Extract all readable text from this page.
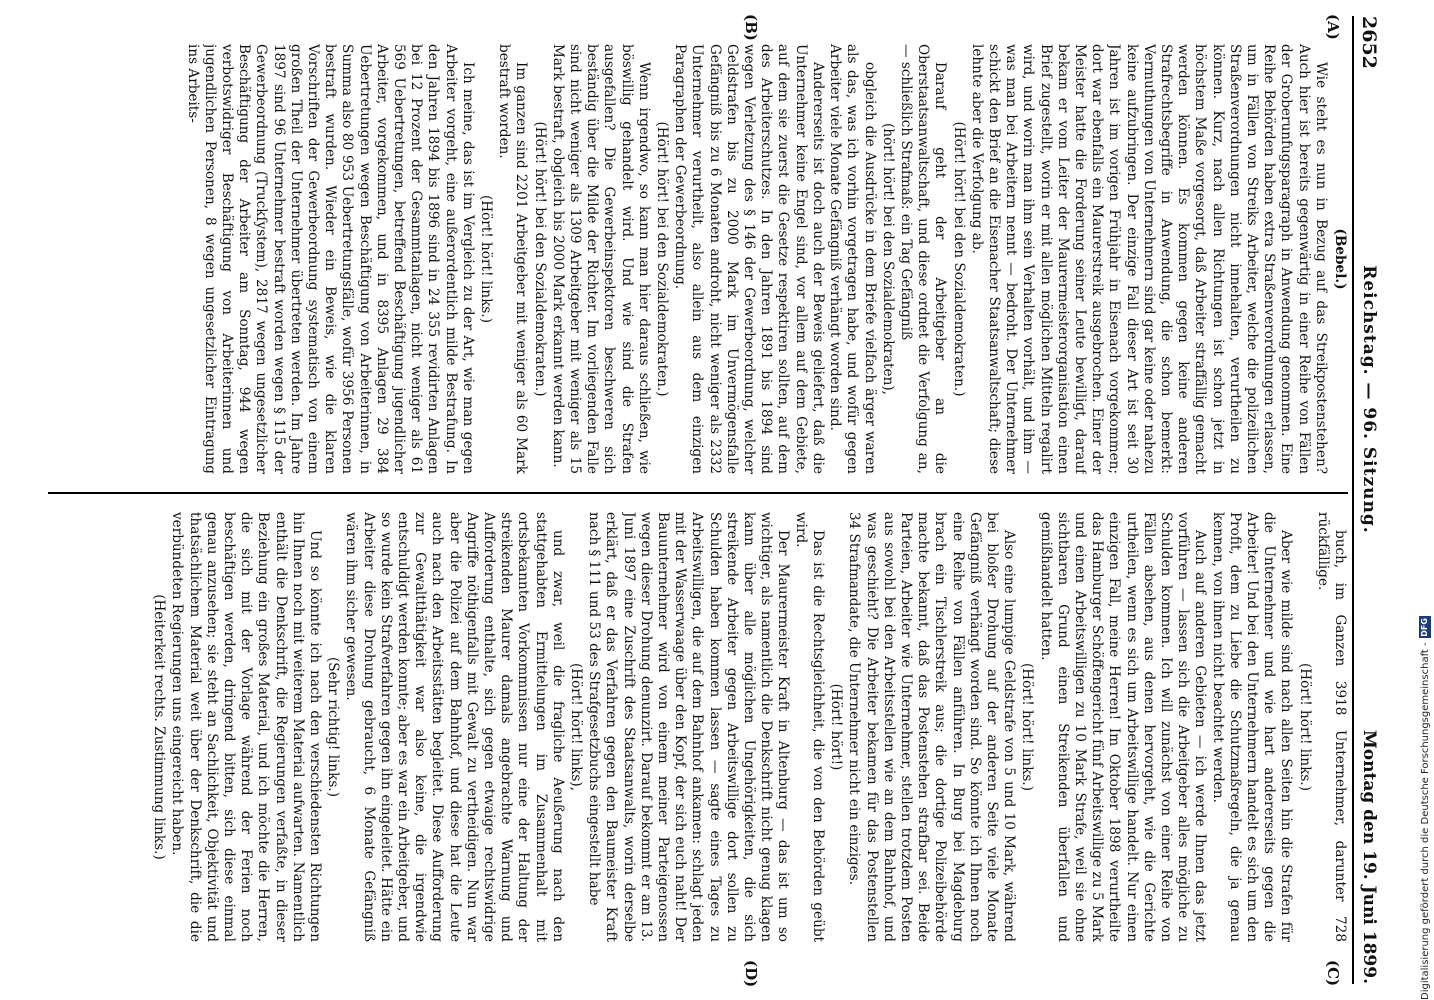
2652
Reichstag. — 96. Sitzung.
Montag den 19. Juni 1899.
(A)
(B)
(C)
(D)
(Bebel.)

Wie steht es nun in Bezug auf das Streikpostenstehen? Auch hier ist bereits gegenwärtig in einer Reihe von Fällen der Groberunfugsparagraph in Anwendung genommen. Eine Reihe Behörden haben extra Straßenverordnungen erlassen, um in Fällen von Streiks Arbeiter, welche die polizeilichen Straßenverordnungen nicht innehalten, verurtheilen zu können. Kurz, nach allen Richtungen ist schon jetzt in höchstem Maße vorgesorgt, daß Arbeiter straffällig gemacht werden können. Es kommen gegen keine anderen Strafrechtsbegriffe in Anwendung, die schon bemerkt: Vermuthungen von Unternehmern sind gar keine oder nahezu keine aufzubringen. Der einzige Fall dieser Art ist seit 30 Jahren ist im vorigen Frühjahr in Eisenach vorgekommen; dort war ebenfalls ein Maurerstreik ausgebrochen. Einer der Meister hatte die Forderung seiner Leute bewilligt, darauf bekam er vom Leiter der Maurermeisterorganisation einen Brief zugestellt, worin er mit allen möglichen Mitteln regalirt wird, und worin man ihm sein Verhalten vorhält, und ihm — was man bei Arbeitern nennt — bedroht. Der Unternehmer schickt den Brief an die Eisenacher Staatsanwaltschaft; diese lehnte aber die Verfolgung ab.

(Hört! hört! bei den Sozialdemokraten.)

Darauf geht der Arbeitgeber an die Oberstaatsanwaltschaft, und diese ordnet die Verfolgung an, — schließlich Strafmaß: ein Tag Gefängniß

(hört! hört! bei den Sozialdemokraten),

obgleich die Ausdrücke in dem Briefe vielfach ärger waren als das, was ich vorhin vorgetragen habe, und wofür gegen Arbeiter viele Monate Gefängniß verhängt worden sind.

Andererseits ist doch auch der Beweis geliefert, daß die Unternehmer keine Engel sind, vor allem auf dem Gebiete, auf dem sie zuerst die Gesetze respektiren sollten, auf dem des Arbeiterschutzes. In den Jahren 1891 bis 1894 sind wegen Verletzung des § 146 der Gewerbeordnung, welcher Geldstrafen bis zu 2000 Mark im Unvermögensfalle Gefängniß bis zu 6 Monaten androht, nicht weniger als 2332 Unternehmer verurtheilt, also allein aus dem einzigen Paragraphen der Gewerbeordnung.

(Hört! hört! bei den Sozialdemokraten.)

Wenn irgendwo, so kann man hier daraus schließen, wie böswillig gehandelt wird. Und wie sind die Strafen ausgefallen? Die Gewerbeinspektoren beschweren sich beständig über die Milde der Richter. Im vorliegenden Falle sind nicht weniger als 1309 Arbeitgeber mit weniger als 15 Mark bestraft, obgleich bis 2000 Mark erkannt werden kann.

(Hört! hört! bei den Sozialdemokraten.)

Im ganzen sind 2201 Arbeitgeber mit weniger als 60 Mark bestraft worden.

(Hört! hört! links.)

Ich meine, das ist im Vergleich zu der Art, wie man gegen Arbeiter vorgeht, eine außerordentlich milde Bestrafung. In den Jahren 1894 bis 1896 sind in 24 355 revidirten Anlagen bei 12 Prozent der Gesammtanlagen, nicht weniger als 61 569 Uebertretungen, betreffend Beschäftigung jugendlicher Arbeiter, vorgekommen, und in 8395 Anlagen 29 384 Uebertretungen wegen Beschäftigung von Arbeiterinnen, in Summa also 80 953 Uebertretungsfälle, wofür 3956 Personen bestraft wurden. Wieder ein Beweis, wie die klaren Vorschriften der Gewerbeordnung systematisch von einem großen Theil der Unternehmer übertreten werden. Im Jahre 1897 sind 96 Unternehmer bestraft worden wegen § 115 der Gewerbeordnung (Truckſystem), 2817 wegen ungesetzlicher Beschäftigung der Arbeiter am Sonntag, 944 wegen verbotswidriger Beschäftigung von Arbeiterinnen und jugendlichen Personen, 8 wegen ungesetzlicher Eintragung ins Arbeits-

buch, im Ganzen 3918 Unternehmer, darunter 728 rückfällige.

(Hört! hört! links.)

Aber wie milde sind nach allen Seiten hin die Strafen für die Unternehmer und wie hart andererseits gegen die Arbeiter! Und bei den Unternehmern handelt es sich um den Profit, dem zu Liebe die Schutzmaßregeln, die ja genau kennen, von ihnen nicht beachtet werden.

Auch auf anderen Gebieten — ich werde Ihnen das jetzt vorführen — lassen sich die Arbeitgeber alles mögliche zu Schulden kommen. Ich will zunächst von einer Reihe von Fällen absehen, aus denen hervorgeht, wie die Gerichte urtheilen, wenn es sich um Arbeitswillige handelt. Nur einen einzigen Fall, meine Herren! Im Oktober 1898 verurtheilte das Hamburger Schöffengericht fünf Arbeitswillige zu 5 Mark und einen Arbeitswilligen zu 10 Mark Strafe, weil sie ohne sichtbaren Grund einen Streikenden überfallen und gemißhandelt hatten.

(Hört! hört! links.)

Also eine lumpige Geldstrafe von 5 und 10 Mark, während bei bloßer Drohung auf der anderen Seite viele Monate Gefängniß verhängt worden sind. So könnte ich Ihnen noch eine Reihe von Fällen anführen. In Burg bei Magdeburg brach ein Tischlerstreik aus; die dortige Polizeibehörde machte bekannt, daß das Postenstehen strafbar sei. Beide Parteien, Arbeiter wie Unternehmer, stellen trotzdem Posten aus sowohl bei den Arbeitsstellen wie an dem Bahnhof, und was geschieht? Die Arbeiter bekamen für das Postenstellen 34 Strafmandate, die Unternehmer nicht ein einziges.

(Hört! hört!)

Das ist die Rechtsgleichheit, die von den Behörden geübt wird.

Der Maurermeister Kraft in Altenburg — das ist um so wichtiger, als namentlich die Denkschrift nicht genug klagen kann über alle möglichen Ungehörigkeiten, die sich streikende Arbeiter gegen Arbeitswillige dort sollen zu Schulden haben kommen lassen — sagte eines Tages zu Arbeitswilligen, die auf dem Bahnhof ankamen: schlagt jeden mit der Wasserwaage über den Kopf, der sich euch naht! Der Bauunternehmer wird von einem meiner Parteigenossen wegen dieser Drohung denunzirt. Darauf bekommt er am 13. Juni 1897 eine Zuschrift des Staatsanwalts, worin derselbe erklärt, daß er das Verfahren gegen den Baumeister Kraft nach § 111 und 53 des Strafgesetzbuchs eingestellt habe

(Hört! hört! links),

und zwar, weil die fragliche Aeußerung nach den stattgehabten Ermittelungen im Zusammenhalt mit ortsbekannten Vorkommnissen nur eine der Haltung der streikenden Maurer damals angebrachte Warnung und Aufforderung enthalte, sich gegen etwaige rechtswidrige Angriffe nöthigenfalls mit Gewalt zu vertheidigen. Nun war aber die Polizei auf dem Bahnhof, und diese hat die Leute auch nach den Arbeitsstätten begleitet. Diese Aufforderung zur Gewaltthätigkeit war also keine, die irgendwie entschuldigt werden konnte; aber es war ein Arbeitgeber, und so wurde kein Strafverfahren gegen ihn eingeleitet. Hätte ein Arbeiter diese Drohung gebraucht, 6 Monate Gefängniß wären ihm sicher gewesen.

(Sehr richtig! links.)

Und so könnte ich nach den verschiedensten Richtungen hin Ihnen noch mit weiterem Material aufwarten. Namentlich enthält die Denkschrift, die Regierungen verfaßte, in dieser Beziehung ein großes Material, und ich möchte die Herren, die sich mit der Vorlage während der Ferien noch beschäftigen werden, dringend bitten, sich diese einmal genau anzusehen; sie steht an Sachlichkeit, Objektivität und thatsächlichem Material weit über der Denkschrift, die die verbündeten Regierungen uns eingereicht haben.

(Heiterkeit rechts. Zustimmung links.)	Digitalisierung gefördert durch die Deutsche Forschungsgemeinschaft -
DFG
